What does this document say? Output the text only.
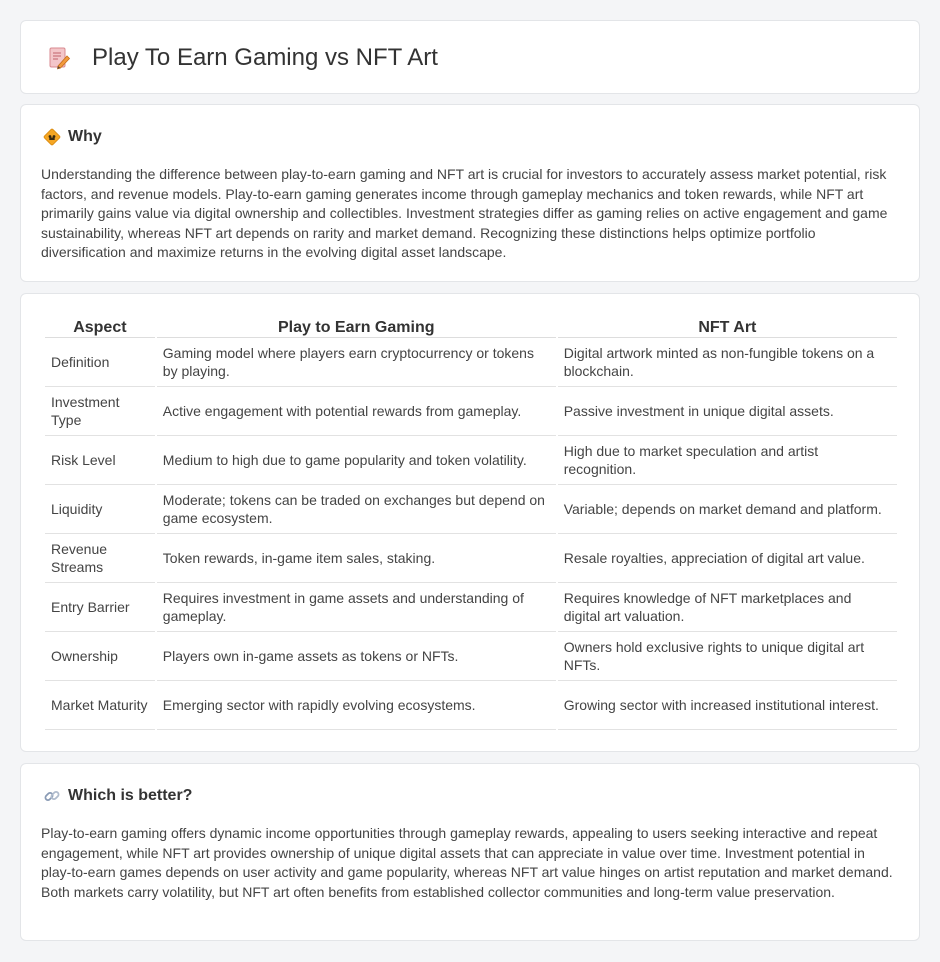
Play To Earn Gaming vs NFT Art
Why

Understanding the difference between play-to-earn gaming and NFT art is crucial for investors to accurately assess market potential, risk factors, and revenue models. Play-to-earn gaming generates income through gameplay mechanics and token rewards, while NFT art primarily gains value via digital ownership and collectibles. Investment strategies differ as gaming relies on active engagement and game sustainability, whereas NFT art depends on rarity and market demand. Recognizing these distinctions helps optimize portfolio diversification and maximize returns in the evolving digital asset landscape.

Aspect	Play to Earn Gaming	NFT Art
Definition	Gaming model where players earn cryptocurrency or tokens by playing.	Digital artwork minted as non-fungible tokens on a blockchain.
Investment Type	Active engagement with potential rewards from gameplay.	Passive investment in unique digital assets.
Risk Level	Medium to high due to game popularity and token volatility.	High due to market speculation and artist recognition.
Liquidity	Moderate; tokens can be traded on exchanges but depend on game ecosystem.	Variable; depends on market demand and platform.
Revenue Streams	Token rewards, in-game item sales, staking.	Resale royalties, appreciation of digital art value.
Entry Barrier	Requires investment in game assets and understanding of gameplay.	Requires knowledge of NFT marketplaces and digital art valuation.
Ownership	Players own in-game assets as tokens or NFTs.	Owners hold exclusive rights to unique digital art NFTs.
Market Maturity	Emerging sector with rapidly evolving ecosystems.	Growing sector with increased institutional interest.
Which is better?

Play-to-earn gaming offers dynamic income opportunities through gameplay rewards, appealing to users seeking interactive and repeat engagement, while NFT art provides ownership of unique digital assets that can appreciate in value over time. Investment potential in play-to-earn games depends on user activity and game popularity, whereas NFT art value hinges on artist reputation and market demand. Both markets carry volatility, but NFT art often benefits from established collector communities and long-term value preservation.
